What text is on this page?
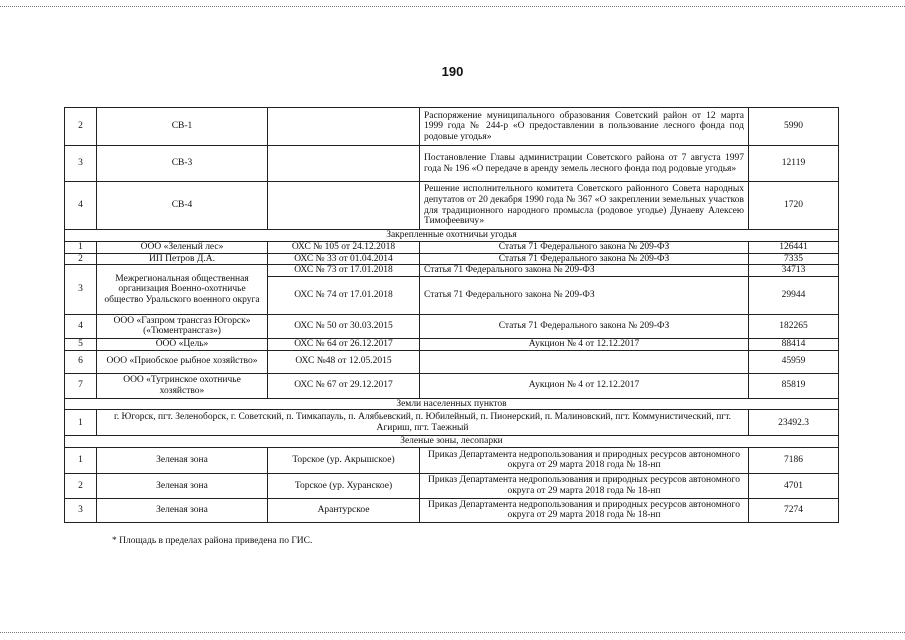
190
2	СВ-1		Распоряжение муниципального образования Советский район от 12 марта 1999 года № 244-р «О предоставлении в пользование лесного фонда под родовые угодья»	5990
3	СВ-3		Постановление Главы администрации Советского района от 7 августа 1997 года № 196 «О передаче в аренду земель лесного фонда под родовые угодья»	12119
4	СВ-4		Решение исполнительного комитета Советского районного Совета народных депутатов от 20 декабря 1990 года № 367 «О закреплении земельных участков для традиционного народного промысла (родовое угодье) Дунаеву Алексею Тимофеевичу»	1720
Закрепленные охотничьи угодья				
1	ООО «Зеленый лес»	ОХС № 105 от 24.12.2018	Статья 71 Федерального закона № 209-ФЗ	126441
2	ИП Петров Д.А.	ОХС № 33 от 01.04.2014	Статья 71 Федерального закона № 209-ФЗ	7335
3	Межрегиональная общественная организация Военно-охотничье общество Уральского военного округа	ОХС № 73 от 17.01.2018	Статья 71 Федерального закона № 209-ФЗ	34713
		ОХС № 74 от 17.01.2018	Статья 71 Федерального закона № 209-ФЗ	29944
4	ООО «Газпром трансгаз Югорск» («Тюментрансгаз»)	ОХС № 50 от 30.03.2015	Статья 71 Федерального закона № 209-ФЗ	182265
5	ООО «Цель»	ОХС № 64 от 26.12.2017	Аукцион № 4 от 12.12.2017	88414
6	ООО «Приобское рыбное хозяйство»	ОХС №48 от 12.05.2015		45959
7	ООО «Тугринское охотничье хозяйство»	ОХС № 67 от 29.12.2017	Аукцион № 4 от 12.12.2017	85819
Земли населенных пунктов				
1	г. Югорск, пгт. Зеленоборск, г. Советский, п. Тимкапауль, п. Алябьевский, п. Юбилейный, п. Пионерский, п. Малиновский, пгт. Коммунистический, пгт. Агириш, пгт. Таежный			23492.3
Зеленые зоны, лесопарки				
1	Зеленая зона	Торское (ур. Акрышское)	Приказ Департамента недропользования и природных ресурсов автономного округа от 29 марта 2018 года № 18-нп	7186
2	Зеленая зона	Торское (ур. Хуранское)	Приказ Департамента недропользования и природных ресурсов автономного округа от 29 марта 2018 года № 18-нп	4701
3	Зеленая зона	Арантурское	Приказ Департамента недропользования и природных ресурсов автономного округа от 29 марта 2018 года № 18-нп	7274
* Площадь в пределах района приведена по ГИС.
